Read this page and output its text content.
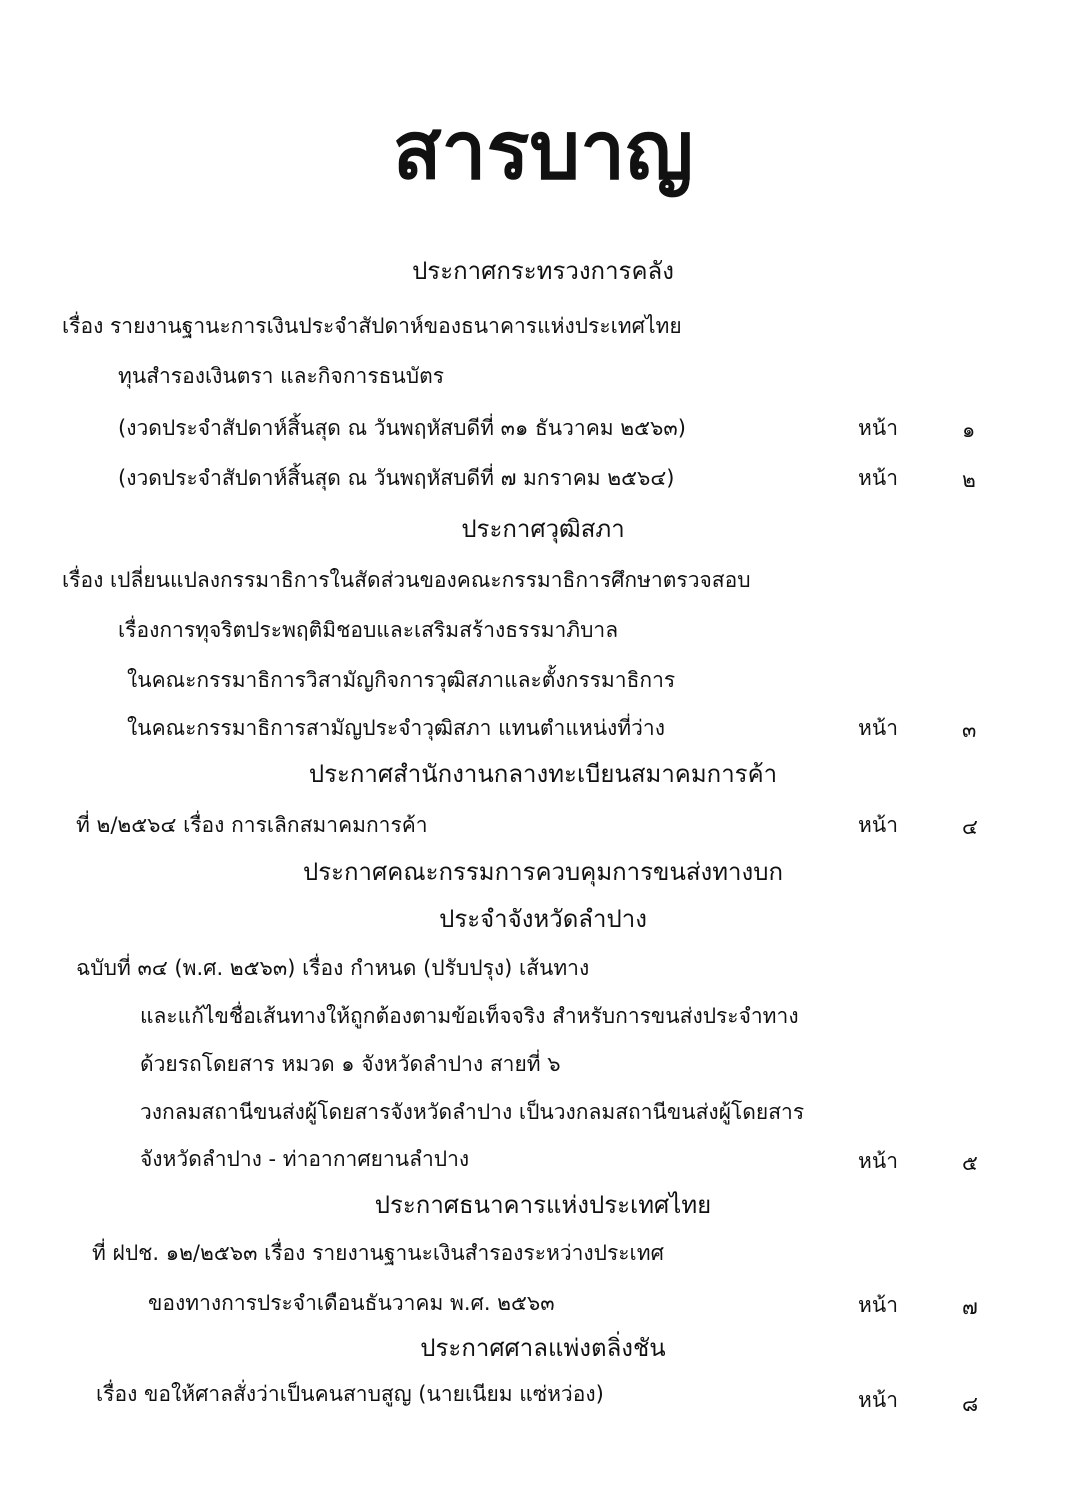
สารบาญ
ประกาศกระทรวงการคลัง
เรื่อง รายงานฐานะการเงินประจำสัปดาห์ของธนาคารแห่งประเทศไทย
ทุนสำรองเงินตรา และกิจการธนบัตร
(งวดประจำสัปดาห์สิ้นสุด ณ วันพฤหัสบดีที่ ๓๑ ธันวาคม ๒๕๖๓)	หน้า	๑
(งวดประจำสัปดาห์สิ้นสุด ณ วันพฤหัสบดีที่ ๗ มกราคม ๒๕๖๔)	หน้า	๒
ประกาศวุฒิสภา
เรื่อง เปลี่ยนแปลงกรรมาธิการในสัดส่วนของคณะกรรมาธิการศึกษาตรวจสอบ
เรื่องการทุจริตประพฤติมิชอบและเสริมสร้างธรรมาภิบาล
ในคณะกรรมาธิการวิสามัญกิจการวุฒิสภาและตั้งกรรมาธิการ
ในคณะกรรมาธิการสามัญประจำวุฒิสภา แทนตำแหน่งที่ว่าง	หน้า	๓
ประกาศสำนักงานกลางทะเบียนสมาคมการค้า
ที่ ๒/๒๕๖๔ เรื่อง การเลิกสมาคมการค้า	หน้า	๔
ประกาศคณะกรรมการควบคุมการขนส่งทางบก
ประจำจังหวัดลำปาง
ฉบับที่ ๓๔ (พ.ศ. ๒๕๖๓) เรื่อง กำหนด (ปรับปรุง) เส้นทาง
และแก้ไขชื่อเส้นทางให้ถูกต้องตามข้อเท็จจริง สำหรับการขนส่งประจำทาง
ด้วยรถโดยสาร หมวด ๑ จังหวัดลำปาง สายที่ ๖
วงกลมสถานีขนส่งผู้โดยสารจังหวัดลำปาง เป็นวงกลมสถานีขนส่งผู้โดยสาร
จังหวัดลำปาง - ท่าอากาศยานลำปาง	หน้า	๕
ประกาศธนาคารแห่งประเทศไทย
ที่ ฝปช. ๑๒/๒๕๖๓ เรื่อง รายงานฐานะเงินสำรองระหว่างประเทศ
ของทางการประจำเดือนธันวาคม พ.ศ. ๒๕๖๓	หน้า	๗
ประกาศศาลแพ่งตลิ่งชัน
เรื่อง ขอให้ศาลสั่งว่าเป็นคนสาบสูญ (นายเนียม แซ่หว่อง)	หน้า	๘
